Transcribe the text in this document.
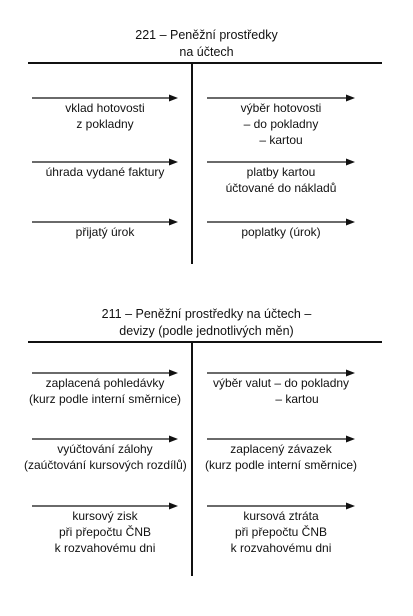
221 – Peněžní prostředky
na účtech
vklad hotovosti
z pokladny
úhrada vydané faktury
přijatý úrok
výběr hotovosti
– do pokladny
– kartou
platby kartou
účtované do nákladů
poplatky (úrok)
211 – Peněžní prostředky na účtech –
devizy (podle jednotlivých měn)
zaplacená pohledávky
(kurz podle interní směrnice)
vyúčtování zálohy
(zaúčtování kursových rozdílů)
kursový zisk
při přepočtu ČNB
k rozvahovému dni
výběr valut – do pokladny
– kartou
zaplacený závazek
(kurz podle interní směrnice)
kursová ztráta
při přepočtu ČNB
k rozvahovému dni
